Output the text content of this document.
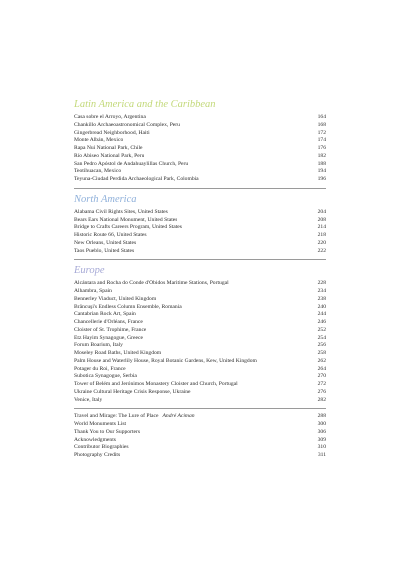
Latin America and the Caribbean
Casa sobre el Arroyo, Argentina	164
Chankillo Archaeoastronomical Complex, Peru	168
Gingerbread Neighborhood, Haiti	172
Monte Albán, Mexico	174
Rapa Nui National Park, Chile	176
Río Abiseo National Park, Peru	182
San Pedro Apóstol de Andahuaylillas Church, Peru	188
Teotihuacan, Mexico	194
Teyuna-Ciudad Perdida Archaeological Park, Colombia	196
North America
Alabama Civil Rights Sites, United States	204
Bears Ears National Monument, United States	208
Bridge to Crafts Careers Program, United States	214
Historic Route 66, United States	218
New Orleans, United States	220
Taos Pueblo, United States	222
Europe
Alcántara and Rocha do Conde d'Óbidos Maritime Stations, Portugal	228
Alhambra, Spain	234
Bennerley Viaduct, United Kingdom	238
Brâncuşi's Endless Column Ensemble, Romania	240
Cantabrian Rock Art, Spain	244
Chancellerie d'Orléans, France	246
Cloister of St. Trophime, France	252
Etz Hayim Synagogue, Greece	254
Forum Boarium, Italy	256
Moseley Road Baths, United Kingdom	258
Palm House and Waterlily House, Royal Botanic Gardens, Kew, United Kingdom	262
Potager du Roi, France	264
Subotica Synagogue, Serbia	270
Tower of Belém and Jerónimos Monastery Cloister and Church, Portugal	272
Ukraine Cultural Heritage Crisis Response, Ukraine	276
Venice, Italy	282
Travel and Mirage: The Lure of Place André Aciman	288
World Monuments List	300
Thank You to Our Supporters	306
Acknowledgments	309
Contributor Biographies	310
Photography Credits	311
